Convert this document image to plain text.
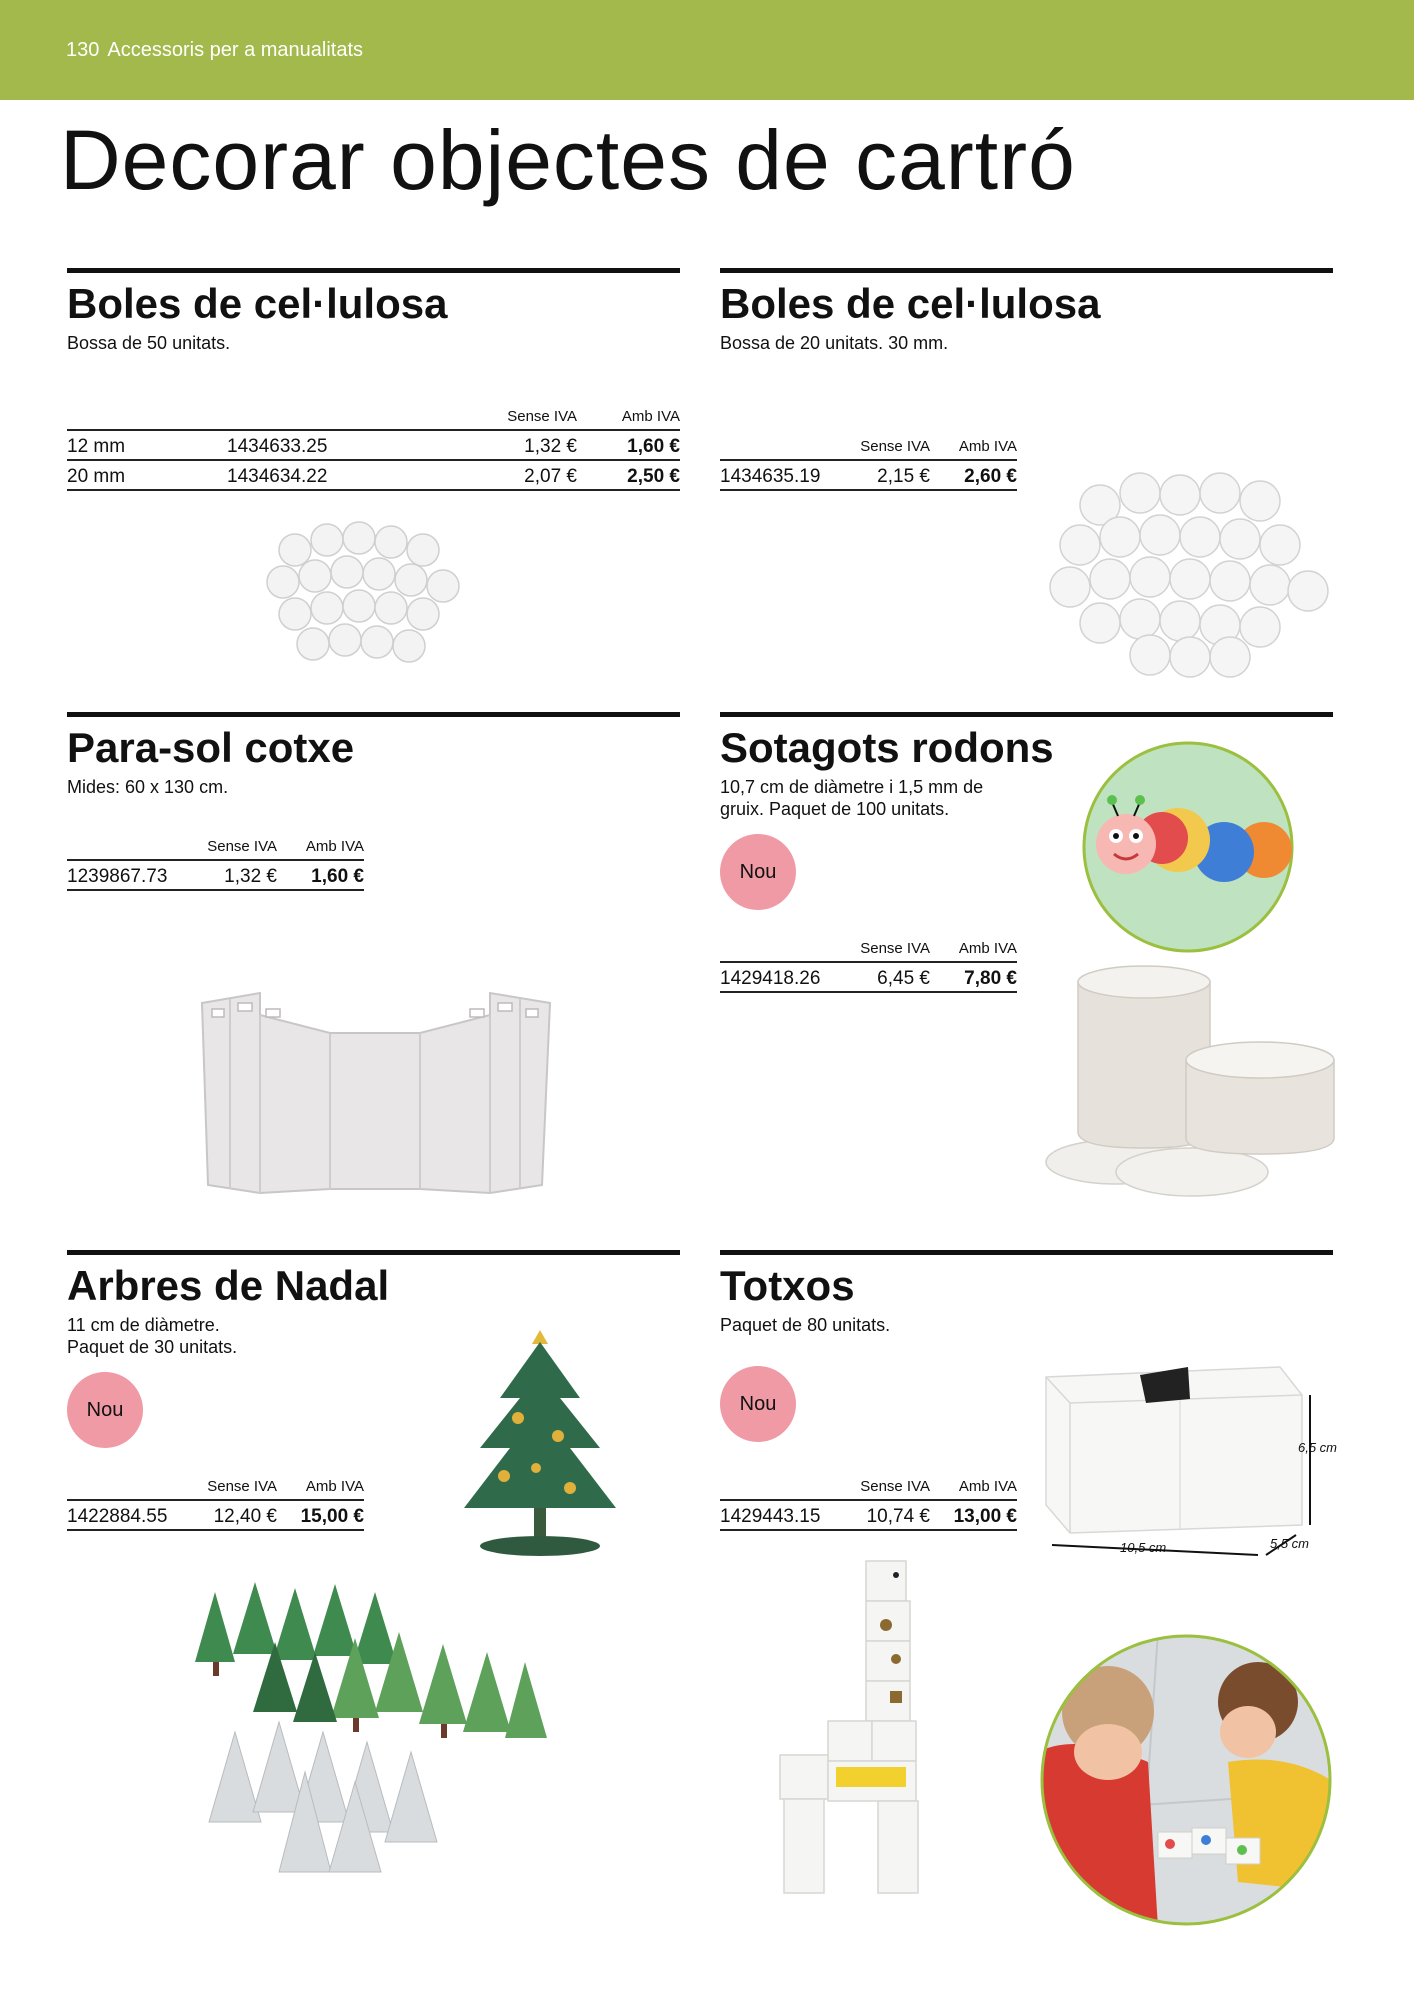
130 Accessoris per a manualitats
Decorar objectes de cartró
Boles de cel·lulosa
Bossa de 50 unitats.
		Sense IVA	Amb IVA
12 mm	1434633.25	1,32 €	1,60 €
20 mm	1434634.22	2,07 €	2,50 €
Boles de cel·lulosa
Bossa de 20 unitats. 30 mm.
	Sense IVA	Amb IVA
1434635.19	2,15 €	2,60 €
Para-sol cotxe
Mides: 60 x 130 cm.
	Sense IVA	Amb IVA
1239867.73	1,32 €	1,60 €
Sotagots rodons
10,7 cm de diàmetre i 1,5 mm de
gruix. Paquet de 100 unitats.
Nou
	Sense IVA	Amb IVA
1429418.26	6,45 €	7,80 €
Arbres de Nadal
11 cm de diàmetre.
Paquet de 30 unitats.
Nou
	Sense IVA	Amb IVA
1422884.55	12,40 €	15,00 €
Totxos
Paquet de 80 unitats.
Nou
	Sense IVA	Amb IVA
1429443.15	10,74 €	13,00 €
6,5 cm
10,5 cm	5,5 cm
